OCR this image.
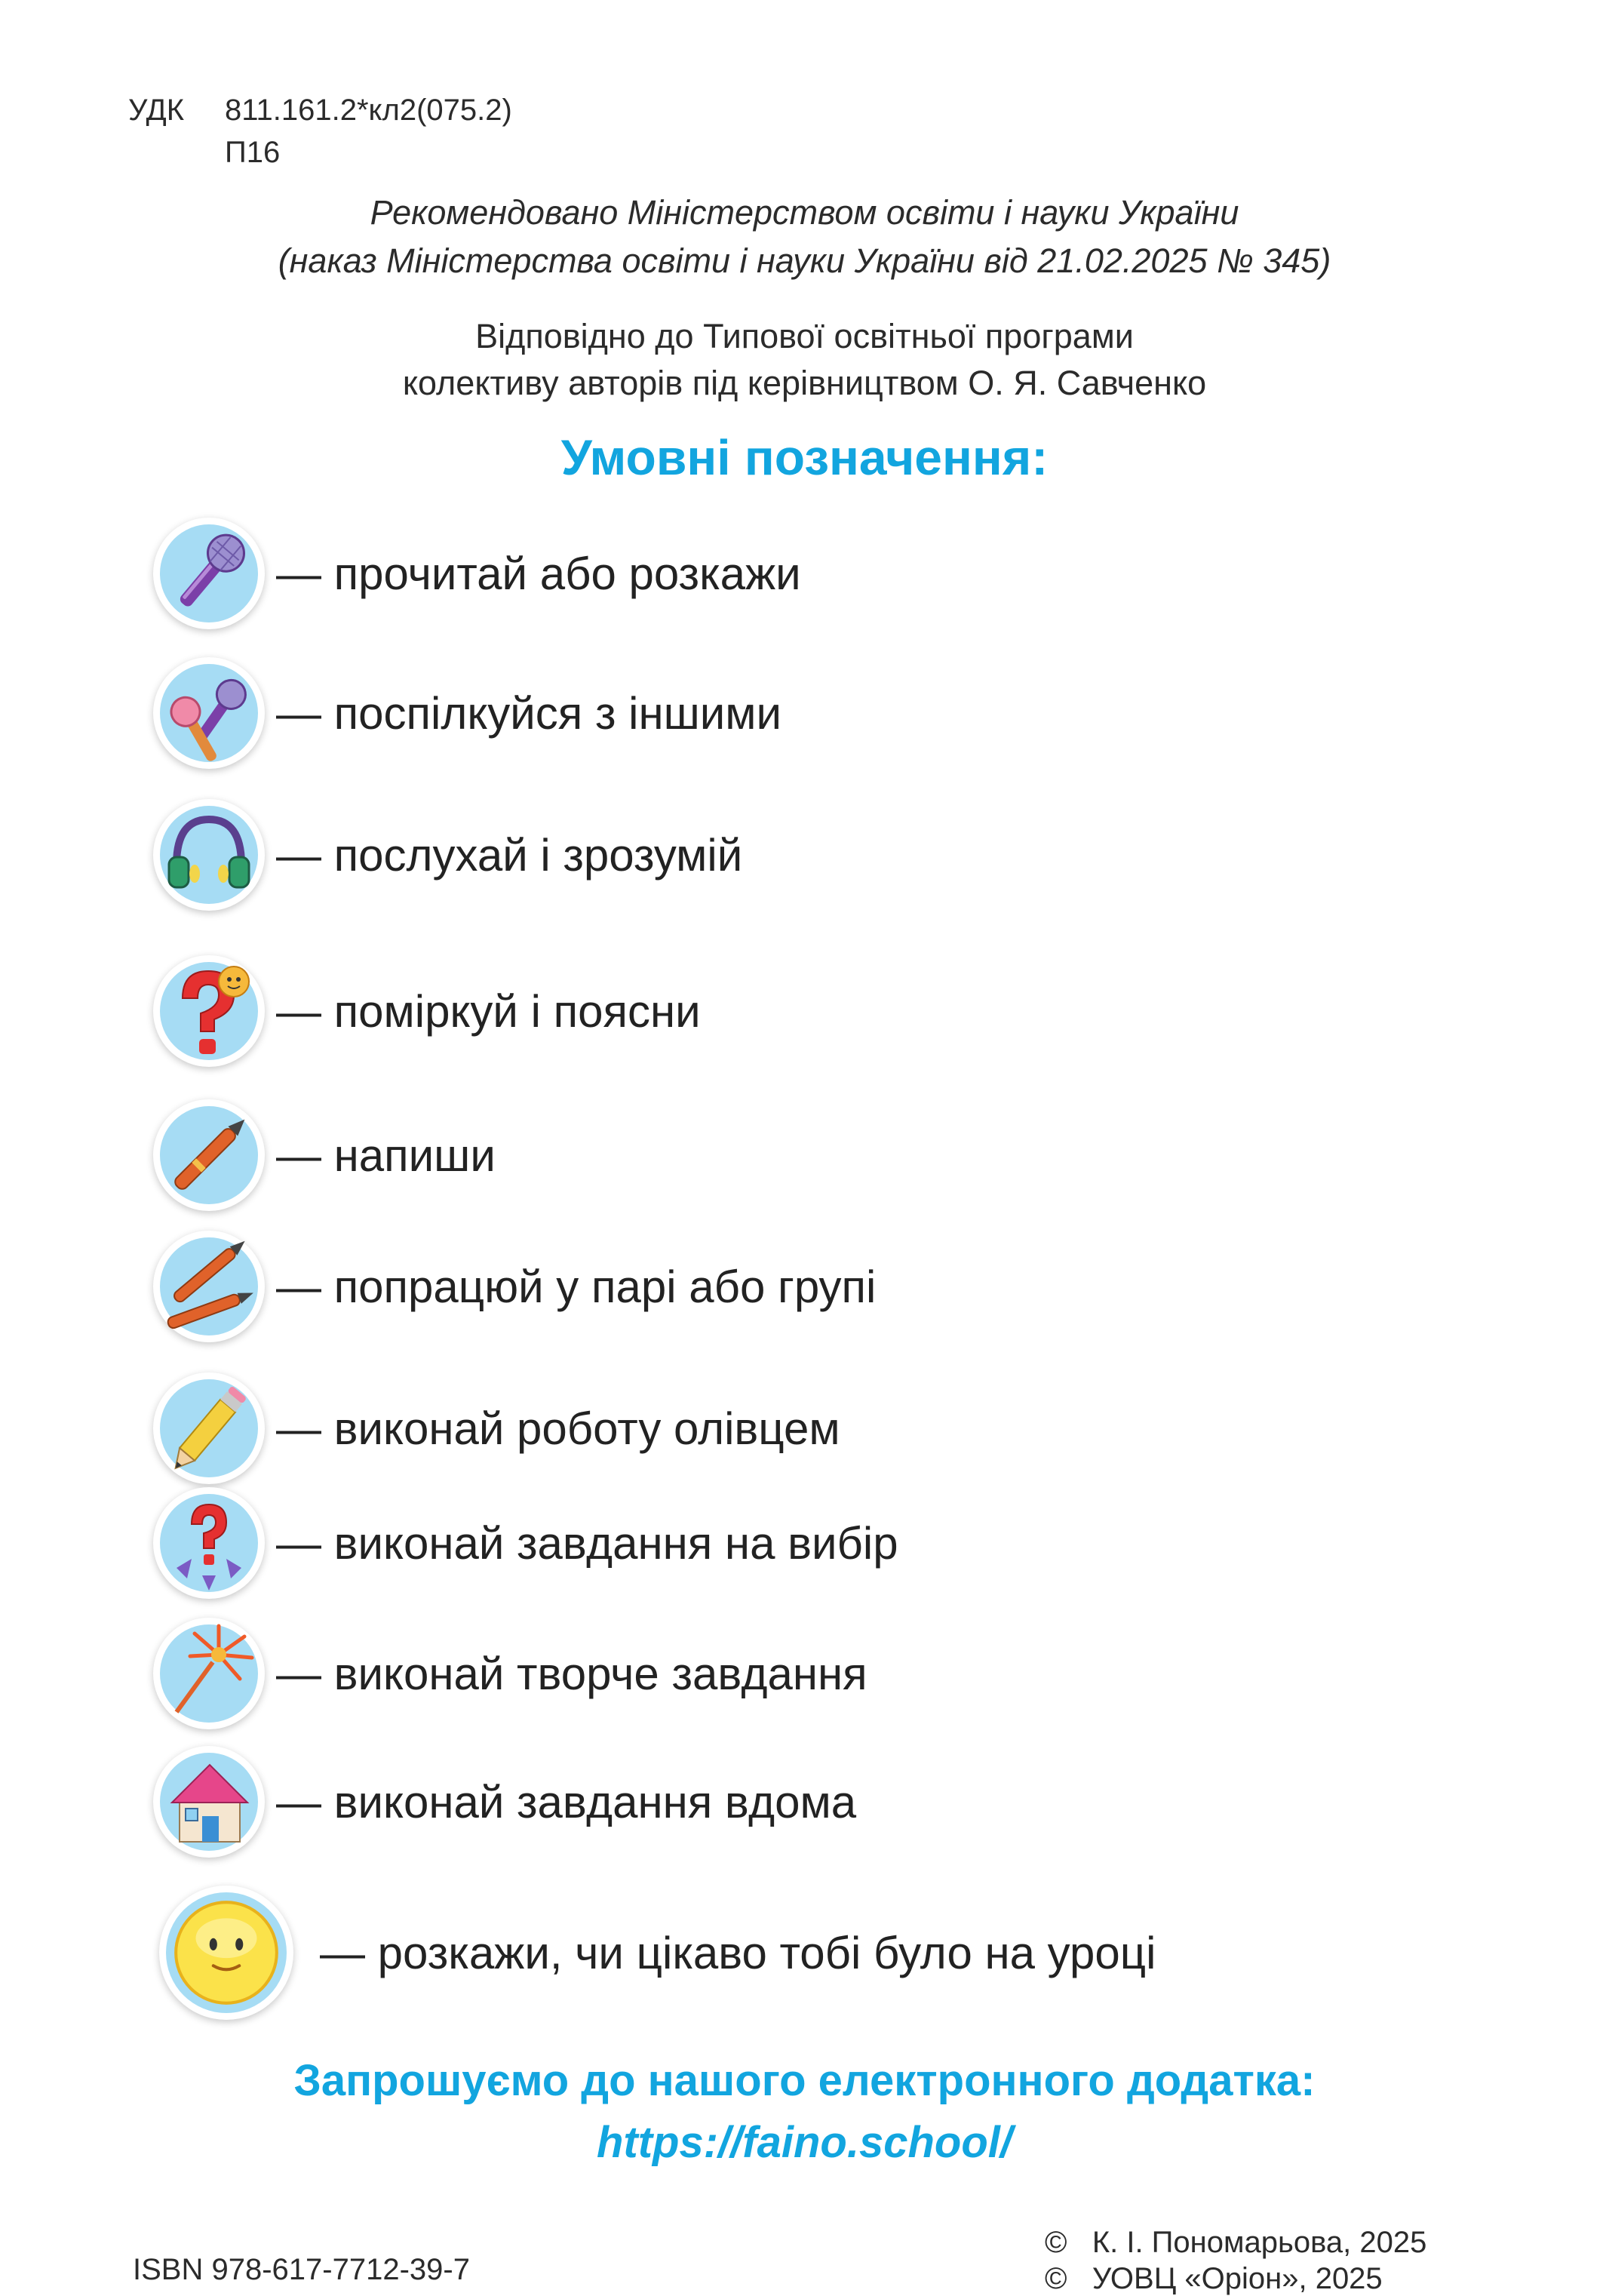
УДК 811.161.2*кл2(075.2)
П16
Рекомендовано Міністерством освіти і науки України
(наказ Міністерства освіти і науки України від 21.02.2025 № 345)
Відповідно до Типової освітньої програми
колективу авторів під керівництвом О. Я. Савченко
Умовні позначення:
— прочитай або розкажи
— поспілкуйся з іншими
— послухай і зрозумій
— поміркуй і поясни
— напиши
— попрацюй у парі або групі
— виконай роботу олівцем
— виконай завдання на вибір
— виконай творче завдання
— виконай завдання вдома
— розкажи, чи цікаво тобі було на уроці
Запрошуємо до нашого електронного додатка:
https://faino.school/
ISBN 978-617-7712-39-7
©   К. І. Пономарьова, 2025
©   УОВЦ «Оріон», 2025
